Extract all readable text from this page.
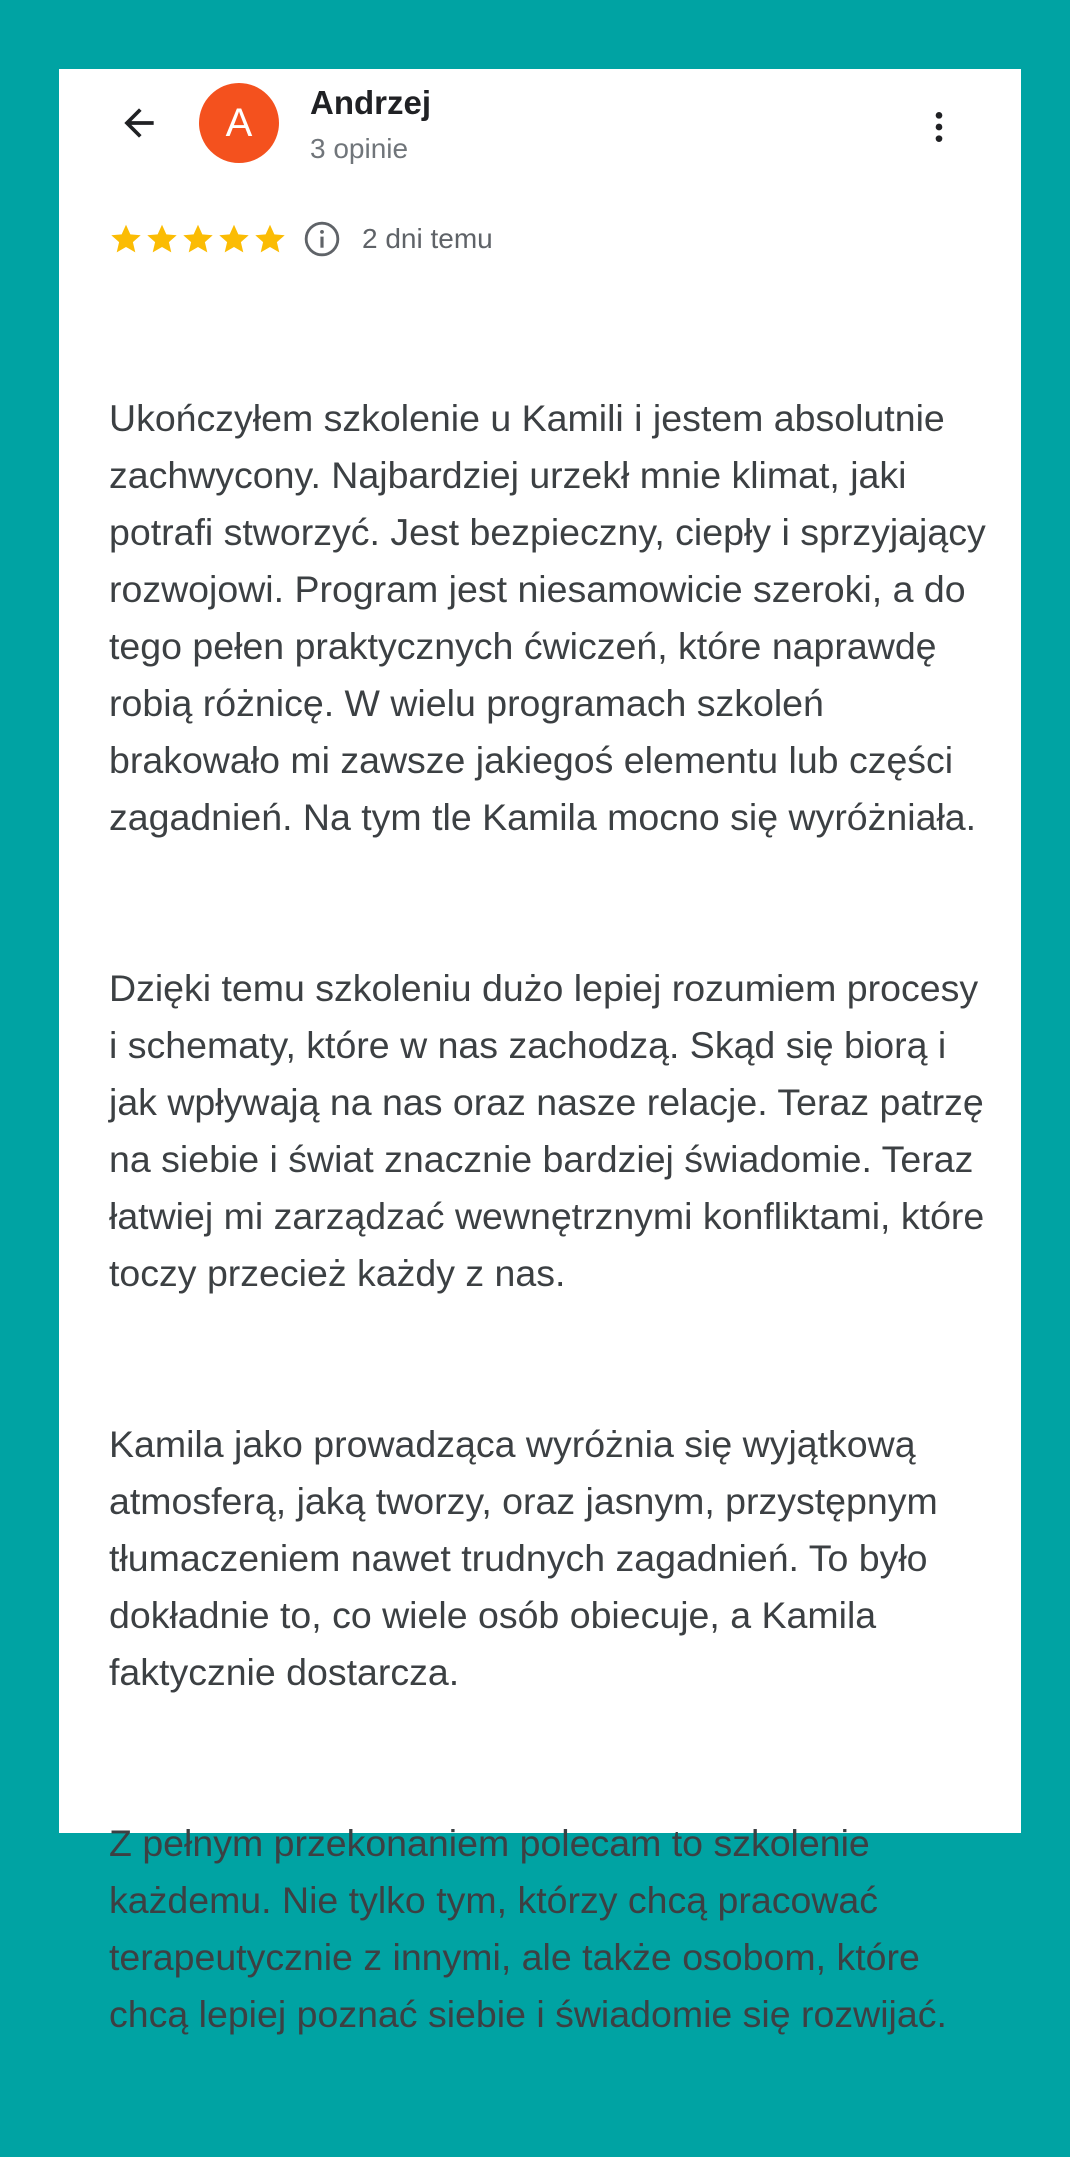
A Andrzej
3 opinie
2 dni temu

Ukończyłem szkolenie u Kamili i jestem absolutnie zachwycony. Najbardziej urzekł mnie klimat, jaki potrafi stworzyć. Jest bezpieczny, ciepły i sprzyjający rozwojowi. Program jest niesamowicie szeroki, a do tego pełen praktycznych ćwiczeń, które naprawdę robią różnicę. W wielu programach szkoleń brakowało mi zawsze jakiegoś elementu lub części zagadnień. Na tym tle Kamila mocno się wyróżniała.

Dzięki temu szkoleniu dużo lepiej rozumiem procesy i schematy, które w nas zachodzą. Skąd się biorą i jak wpływają na nas oraz nasze relacje. Teraz patrzę na siebie i świat znacznie bardziej świadomie. Teraz łatwiej mi zarządzać wewnętrznymi konfliktami, które toczy przecież każdy z nas.

Kamila jako prowadząca wyróżnia się wyjątkową atmosferą, jaką tworzy, oraz jasnym, przystępnym tłumaczeniem nawet trudnych zagadnień. To było dokładnie to, co wiele osób obiecuje, a Kamila faktycznie dostarcza.

Z pełnym przekonaniem polecam to szkolenie każdemu. Nie tylko tym, którzy chcą pracować terapeutycznie z innymi, ale także osobom, które chcą lepiej poznać siebie i świadomie się rozwijać.
